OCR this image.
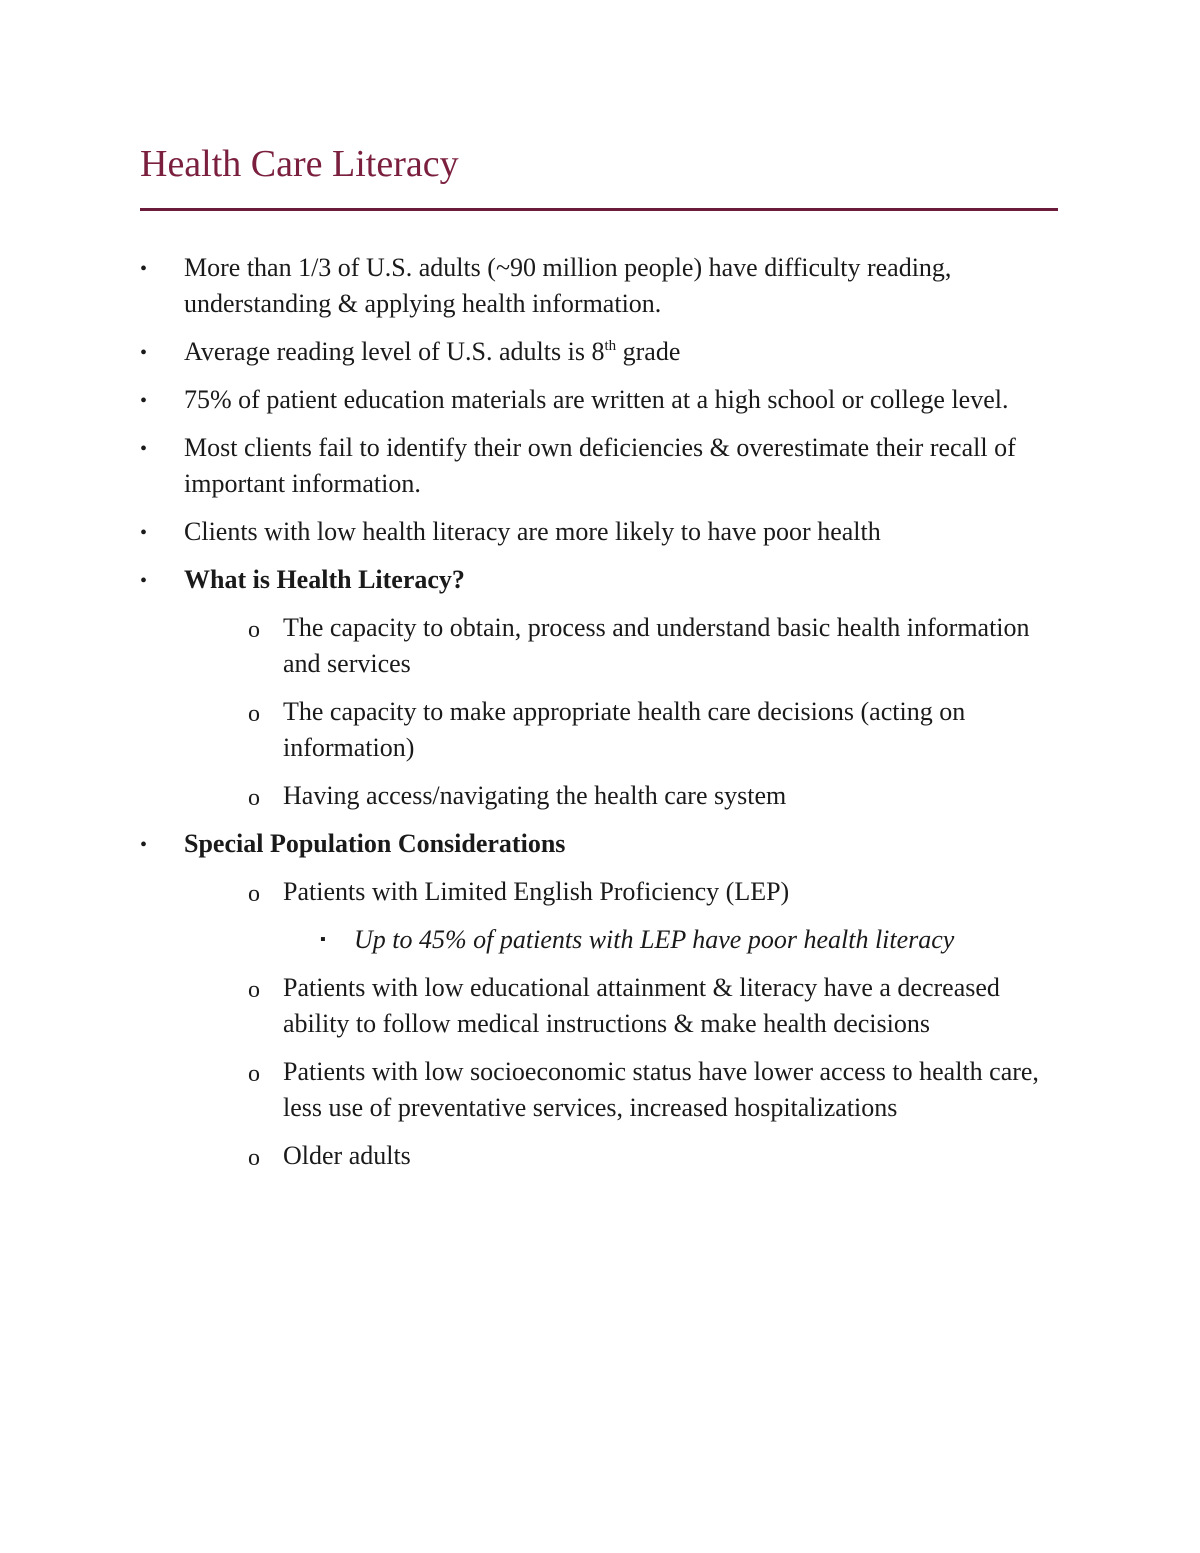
Health Care Literacy
• More than 1/3 of U.S. adults (~90 million people) have difficulty reading, understanding & applying health information.
• Average reading level of U.S. adults is 8th grade
• 75% of patient education materials are written at a high school or college level.
• Most clients fail to identify their own deficiencies & overestimate their recall of important information.
• Clients with low health literacy are more likely to have poor health
• What is Health Literacy?
o The capacity to obtain, process and understand basic health information and services
o The capacity to make appropriate health care decisions (acting on information)
o Having access/navigating the health care system
• Special Population Considerations
o Patients with Limited English Proficiency (LEP)
▪ Up to 45% of patients with LEP have poor health literacy
o Patients with low educational attainment & literacy have a decreased ability to follow medical instructions & make health decisions
o Patients with low socioeconomic status have lower access to health care, less use of preventative services, increased hospitalizations
o Older adults
